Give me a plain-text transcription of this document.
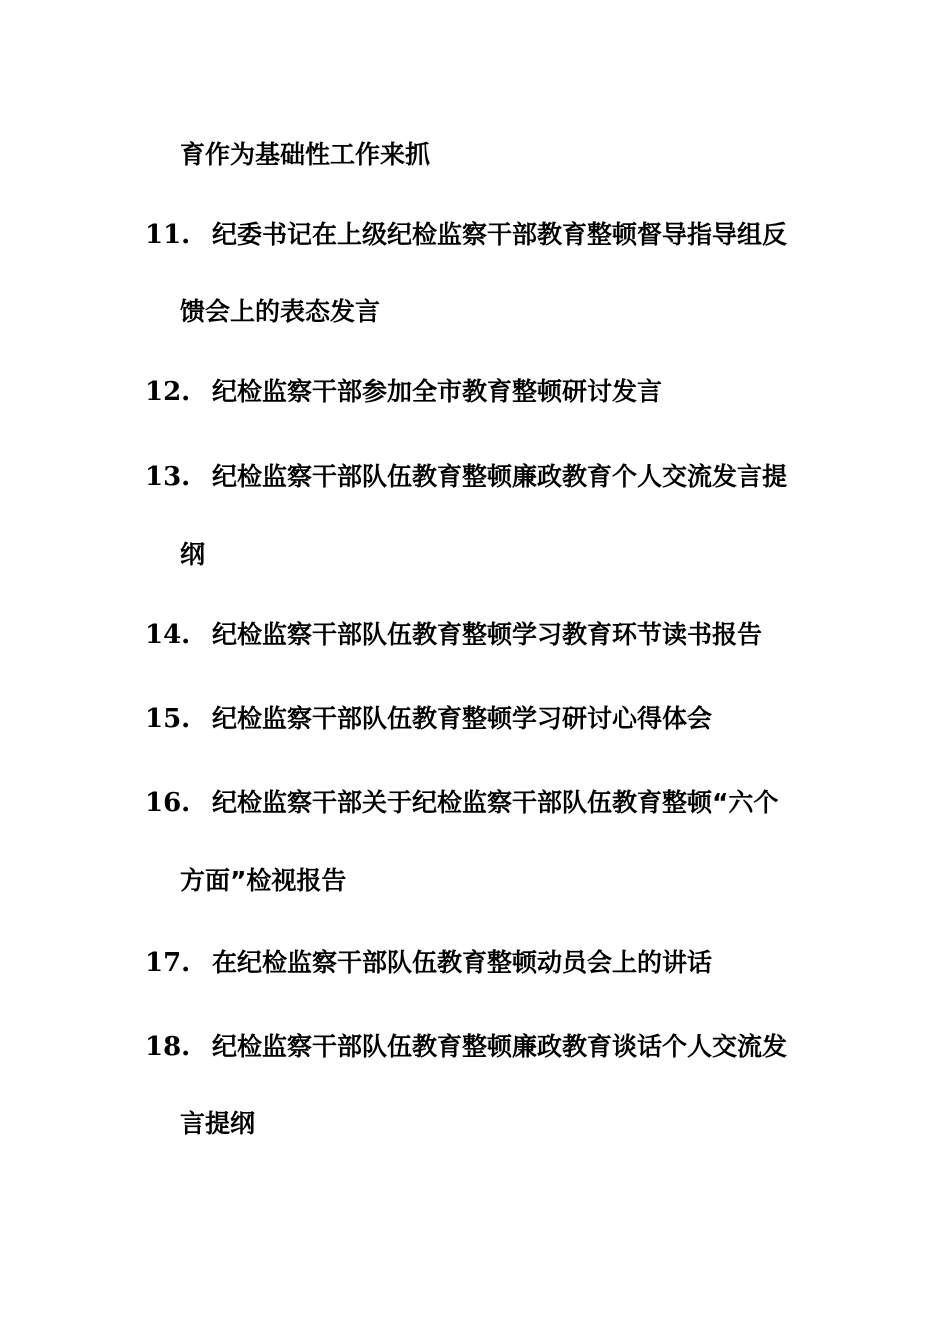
育作为基础性工作来抓
11. 纪委书记在上级纪检监察干部教育整顿督导指导组反
馈会上的表态发言
12. 纪检监察干部参加全市教育整顿研讨发言
13. 纪检监察干部队伍教育整顿廉政教育个人交流发言提
纲
14. 纪检监察干部队伍教育整顿学习教育环节读书报告
15. 纪检监察干部队伍教育整顿学习研讨心得体会
16. 纪检监察干部关于纪检监察干部队伍教育整顿“六个
方面”检视报告
17. 在纪检监察干部队伍教育整顿动员会上的讲话
18. 纪检监察干部队伍教育整顿廉政教育谈话个人交流发
言提纲
